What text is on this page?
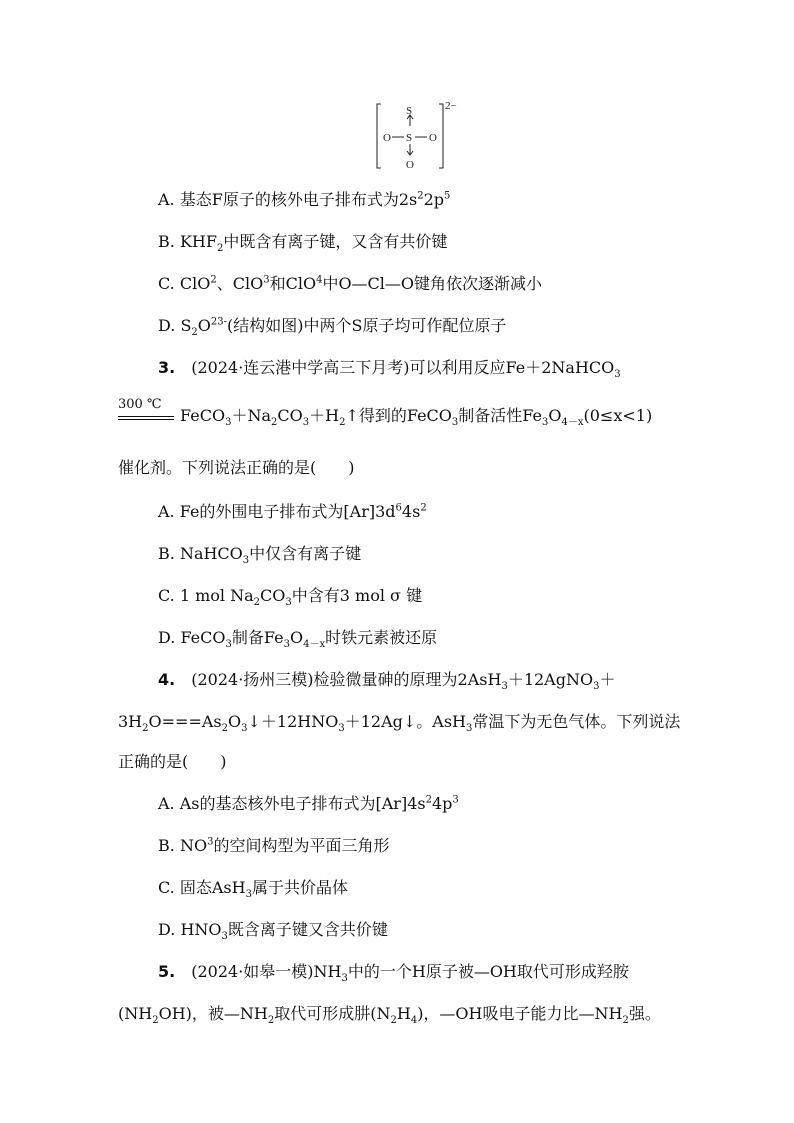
2−
S
O S O
O
A. 基态F原子的核外电子排布式为$2s^22p^5$
B. $KHF_2$中既含有离子键，又含有共价键
C. ClO$^2$、ClO$^3$和ClO$^4$中O—Cl—O键角依次逐渐减小
D. $S_2O^{23-}$(结构如图)中两个S原子均可作配位原子
3.　 (2024·连云港中学高三下月考)可以利用反应Fe＋2NaHCO$_3$
300 ℃
$FeCO_3+Na_2CO_3+H_2↑$得到的FeCO$_3$制备活性$Fe_3O_{4-x}(0\le x<1)$
催化剂。下列说法正确的是(　　)
A. Fe的外围电子排布式为$[Ar]3d^64s^2$
B. NaHCO$_3$中仅含有离子键
C. 1 mol $Na_2CO_3$中含有3 mol σ 键
D. FeCO$_3$制备$Fe_3O_{4-x}$时铁元素被还原
4.　 (2024·扬州三模)检验微量砷的原理为2AsH$_3$＋12AgNO$_3$＋
$3H_2O===As_2O_3↓+12HNO_3+12Ag↓$。AsH$_3$常温下为无色气体。下列说法
正确的是(　　)
A. As的基态核外电子排布式为$[Ar]4s^24p^3$
B. $NO^3$的空间构型为平面三角形
C. 固态AsH$_3$属于共价晶体
D. $HNO_3$既含离子键又含共价键
5.　 (2024·如皋一模)$NH_3$中的一个H原子被—OH取代可形成羟胺
$(NH_2OH)$，被$—NH_2$取代可形成肼$(N_2H_4)$，—OH吸电子能力比$—NH_2$强。
